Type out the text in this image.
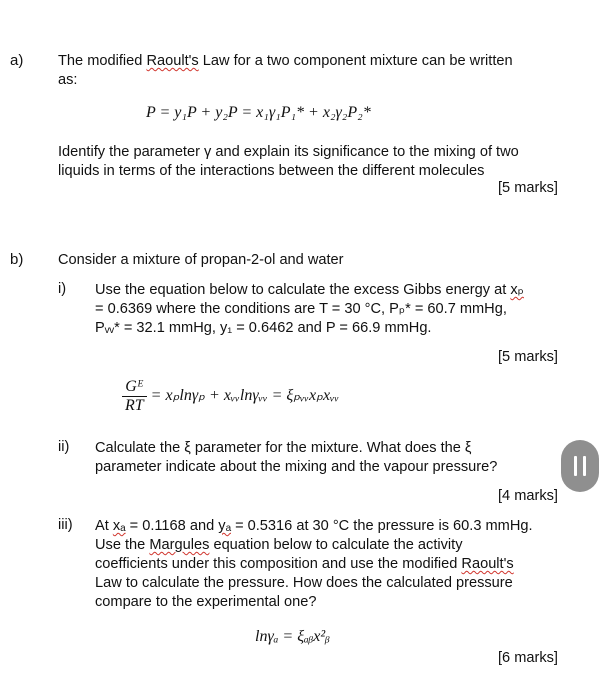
a) The modified Raoult's Law for a two component mixture can be written
as:
P = y₁P + y₂P = x₁γ₁P₁* + x₂γ₂P₂*
Identify the parameter γ and explain its significance to the mixing of two
liquids in terms of the interactions between the different molecules
[5 marks]
b) Consider a mixture of propan-2-ol and water
i) Use the equation below to calculate the excess Gibbs energy at xₚ
= 0.6369 where the conditions are T = 30 °C, Pₚ* = 60.7 mmHg,
Pᵥᵥ* = 32.1 mmHg, y₁ = 0.6462 and P = 66.9 mmHg.
[5 marks]
$\frac{\text{Gᴱ}}{RT} = x_p\ln\gamma_p$ + xᵥᵥlnγᵥᵥ = ξₚᵥᵥxₚxᵥᵥ
ii) Calculate the ξ parameter for the mixture. What does the ξ
parameter indicate about the mixing and the vapour pressure?
[4 marks]
iii) At xₐ = 0.1168 and yₐ = 0.5316 at 30 °C the pressure is 60.3 mmHg.
Use the Margules equation below to calculate the activity
coefficients under this composition and use the modified Raoult's
Law to calculate the pressure. How does the calculated pressure
compare to the experimental one?
lnγₐ = ξₐᵦx²ᵦ
[6 marks]
